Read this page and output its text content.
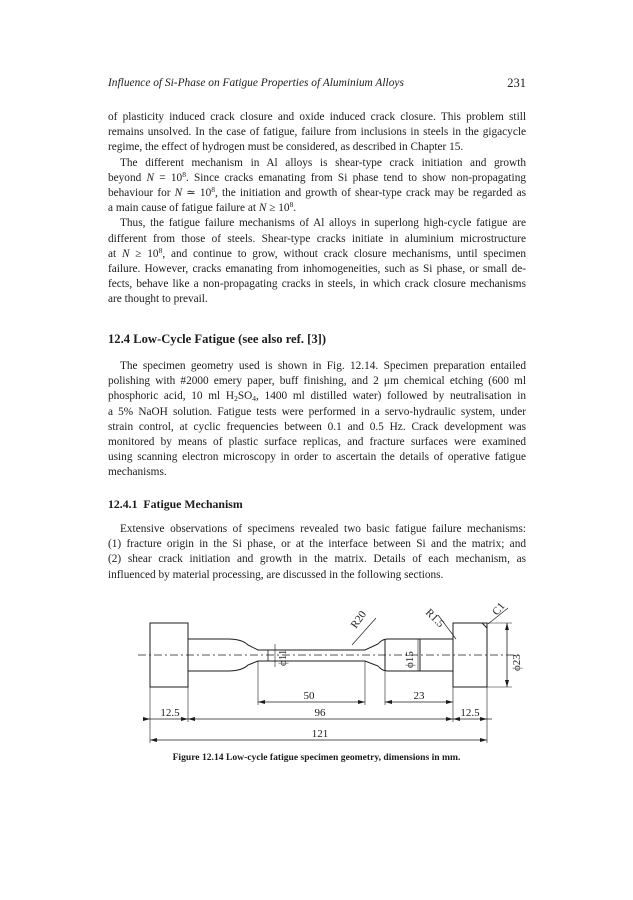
Influence of Si-Phase on Fatigue Properties of Aluminium Alloys	231

of plasticity induced crack closure and oxide induced crack closure. This problem still
remains unsolved. In the case of fatigue, failure from inclusions in steels in the gigacycle
regime, the effect of hydrogen must be considered, as described in Chapter 15.

The different mechanism in Al alloys is shear-type crack initiation and growth
beyond $N = 10^8$. Since cracks emanating from Si phase tend to show non-propagating
behaviour for N ≃ $10^8$, the initiation and growth of shear-type crack may be regarded as
a main cause of fatigue failure at $N \ge 10^8$.

Thus, the fatigue failure mechanisms of Al alloys in superlong high-cycle fatigue are
different from those of steels. Shear-type cracks initiate in aluminium microstructure
at $N \ge 10^8$, and continue to grow, without crack closure mechanisms, until specimen
failure. However, cracks emanating from inhomogeneities, such as Si phase, or small de-
fects, behave like a non-propagating cracks in steels, in which crack closure mechanisms
are thought to prevail.

12.4 Low-Cycle Fatigue (see also ref. [3])

The specimen geometry used is shown in Fig. 12.14. Specimen preparation entailed
polishing with #2000 emery paper, buff finishing, and 2 μm chemical etching (600 ml
phosphoric acid, 10 ml $H_2SO_4$, 1400 ml distilled water) followed by neutralisation in
a 5% NaOH solution. Fatigue tests were performed in a servo-hydraulic system, under
strain control, at cyclic frequencies between 0.1 and 0.5 Hz. Crack development was
monitored by means of plastic surface replicas, and fracture surfaces were examined
using scanning electron microscopy in order to ascertain the details of operative fatigue
mechanisms.

12.4.1 Fatigue Mechanism

Extensive observations of specimens revealed two basic fatigue failure mechanisms:
(1) fracture origin in the Si phase, or at the interface between Si and the matrix; and
(2) shear crack initiation and growth in the matrix. Details of each mechanism, as
influenced by material processing, are discussed in the following sections.

R20	R1.5	C1
ϕ11	ϕ15	ϕ23
50	23
12.5	96	12.5
121
Figure 12.14 Low-cycle fatigue specimen geometry, dimensions in mm.
